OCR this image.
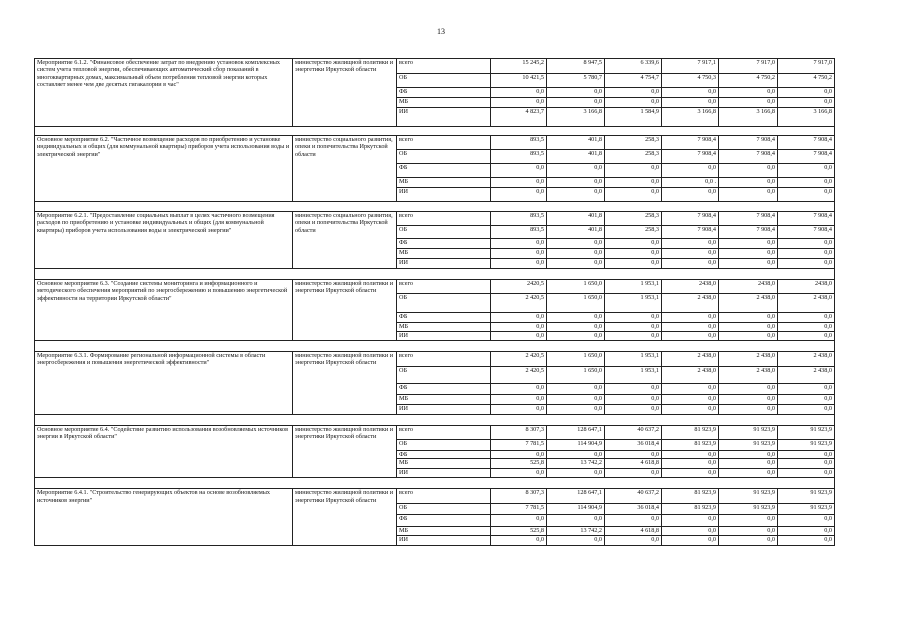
13
Мероприятие 6.1.2. "Финансовое обеспечение затрат по внедрению установок комплексных систем учета тепловой энергии, обеспечивающих автоматический сбор показаний в многоквартирных домах, максимальный объем потребления тепловой энергии которых составляет менее чем две десятых гигакалории в час"	министерство жилищной политики и энергетики Иркутской области	всего	15 245,2	8 947,5	6 339,6	7 917,1	7 917,0	7 917,0
		ОБ	10 421,5	5 780,7	4 754,7	4 750,3	4 750,2	4 750,2
		ФБ	0,0	0,0	0,0	0,0	0,0	0,0
		МБ	0,0	0,0	0,0	0,0	0,0	0,0
		ИИ	4 823,7	3 166,8	1 584,9	3 166,8	3 166,8	3 166,8

Основное мероприятие 6.2. "Частичное возмещение расходов по приобретению и установке индивидуальных и общих (для коммунальной квартиры) приборов учета использования воды и электрической энергии"	министерство социального развития, опеки и попечительства Иркутской области	всего	893,5	401,8	258,3	7 908,4	7 908,4	7 908,4
		ОБ	893,5	401,8	258,3	7 908,4	7 908,4	7 908,4
		ФБ	0,0	0,0	0,0	0,0	0,0	0,0
		МБ	0,0	0,0	0,0	0,0 .	0,0	0,0
		ИИ	0,0	0,0	0,0	0,0	0,0	0,0

Мероприятие 6.2.1. "Предоставление социальных выплат в целях частичного возмещения расходов по приобретению и установке индивидуальных и общих (для коммунальной квартиры) приборов учета использования воды и электрической энергии"	министерство социального развития, опеки и попечительства Иркутской области	всего	893,5	401,8	258,3	7 908,4	7 908,4	7 908,4
		ОБ	893,5	401,8	258,3	7 908,4	7 908,4	7 908,4
		ФБ	0,0	0,0	0,0	0,0	0,0	0,0
		МБ	0,0	0,0	0,0	0,0	0,0	0,0
		ИИ	0,0	0,0	0,0	0,0	0,0	0,0

Основное мероприятие 6.3. "Создание системы мониторинга и информационного и методического обеспечения мероприятий по энергосбережению и повышению энергетической эффективности на территории Иркутской области"	министерство жилищной политики и энергетики Иркутской области	всего	2420,5	1 650,0	1 953,1	2438,0	2438,0	2438,0
		ОБ	2 420,5	1 650,0	1 953,1	2 438,0	2 438,0	2 438,0
		ФБ	0,0	0,0	0,0	0,0	0,0	0,0
		МБ	0,0	0,0	0,0	0,0	0,0	0,0
		ИИ	0,0	0,0	0,0	0,0	0,0	0,0

Мероприятие 6.3.1. Формирование региональной информационной системы в области энергосбережения и повышения энергетической эффективности"	министерство жилищной политики и энергетики Иркутской области	всего	2 420,5	1 650,0	1 953,1	2 438,0	2 438,0	2 438,0
		ОБ	2 420,5	1 650,0	1 953,1	2 438,0	2 438,0	2 438,0
		ФБ	0,0	0,0	0,0	0,0	0,0	0,0
		МБ	0,0	0,0	0,0	0,0	0,0	0,0
		ИИ	0,0	0,0	0,0	0,0	0,0	0,0

Основное мероприятие 6.4. "Содействие развитию использования возобновляемых источников энергии в Иркутской области"	министерство жилищной политики и энергетики Иркутской области	всего	8 307,3	128 647,1	40 637,2	81 923,9	91 923,9	91 923,9
		ОБ	7 781,5	114 904,9	36 018,4	81 923,9	91 923,9	91 923,9
		ФБ	0,0	0,0	0,0	0,0	0,0	0,0
		МБ	525,8	13 742,2	4 618,8	0,0	0,0	0,0
		ИИ	0,0	0,0	0,0	0,0	0,0	0,0

Мероприятие 6.4.1. "Строительство генерирующих объектов на основе возобновляемых источников энергии"	министерство жилищной политики и энергетики Иркутской области	всего	8 307,3	128 647,1	40 637,2	81 923,9	91 923,9	91 923,9
		ОБ	7 781,5	114 904,9	36 018,4	81 923,9	91 923,9	91 923,9
		ФБ	0,0	0,0	0,0	0,0	0,0	0,0
		МБ	525,8	13 742,2	4 618,8	0,0	0,0	0,0
		ИИ	0,0	0,0	0,0	0,0	0,0	0,0
